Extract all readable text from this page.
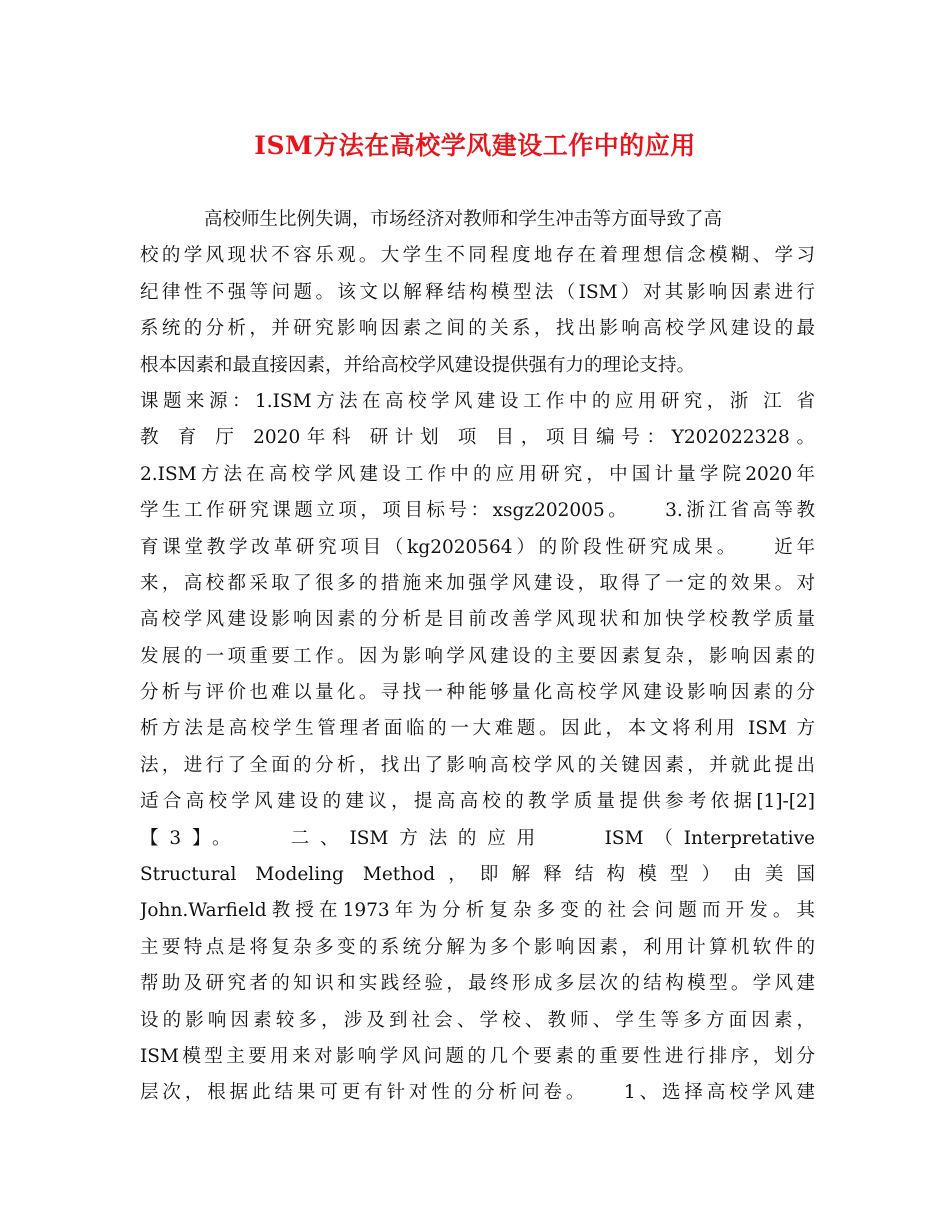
ISM方法在高校学风建设工作中的应用
高校师生比例失调，市场经济对教师和学生冲击等方面导致了高
校的学风现状不容乐观。大学生不同程度地存在着理想信念模糊、学习
纪律性不强等问题。该文以解释结构模型法（ISM）对其影响因素进行
系统的分析，并研究影响因素之间的关系，找出影响高校学风建设的最
根本因素和最直接因素，并给高校学风建设提供强有力的理论支持。
课题来源：1.ISM方法在高校学风建设工作中的应用研究，浙 江 省
教 育 厅 2020年科 研计划 项 目，项目编号：Y202022328。
2.ISM方法在高校学风建设工作中的应用研究，中国计量学院2020年
学生工作研究课题立项，项目标号：xsgz202005。　　3.浙江省高等教
育课堂教学改革研究项目（kg2020564）的阶段性研究成果。　　近年
来，高校都采取了很多的措施来加强学风建设，取得了一定的效果。对
高校学风建设影响因素的分析是目前改善学风现状和加快学校教学质量
发展的一项重要工作。因为影响学风建设的主要因素复杂，影响因素的
分析与评价也难以量化。寻找一种能够量化高校学风建设影响因素的分
析方法是高校学生管理者面临的一大难题。因此，本文将利用 ISM 方
法，进行了全面的分析，找出了影响高校学风的关键因素，并就此提出
适合高校学风建设的建议，提高高校的教学质量提供参考依据[1]-[2]
【3】。　　二、ISM方法的应用　　ISM（Interpretative
Structural Modeling Method，即解释结构模型）由美国
John.Warfield教授在1973年为分析复杂多变的社会问题而开发。其
主要特点是将复杂多变的系统分解为多个影响因素，利用计算机软件的
帮助及研究者的知识和实践经验，最终形成多层次的结构模型。学风建
设的影响因素较多，涉及到社会、学校、教师、学生等多方面因素，
ISM模型主要用来对影响学风问题的几个要素的重要性进行排序，划分
层次，根据此结果可更有针对性的分析问卷。　　1、选择高校学风建
